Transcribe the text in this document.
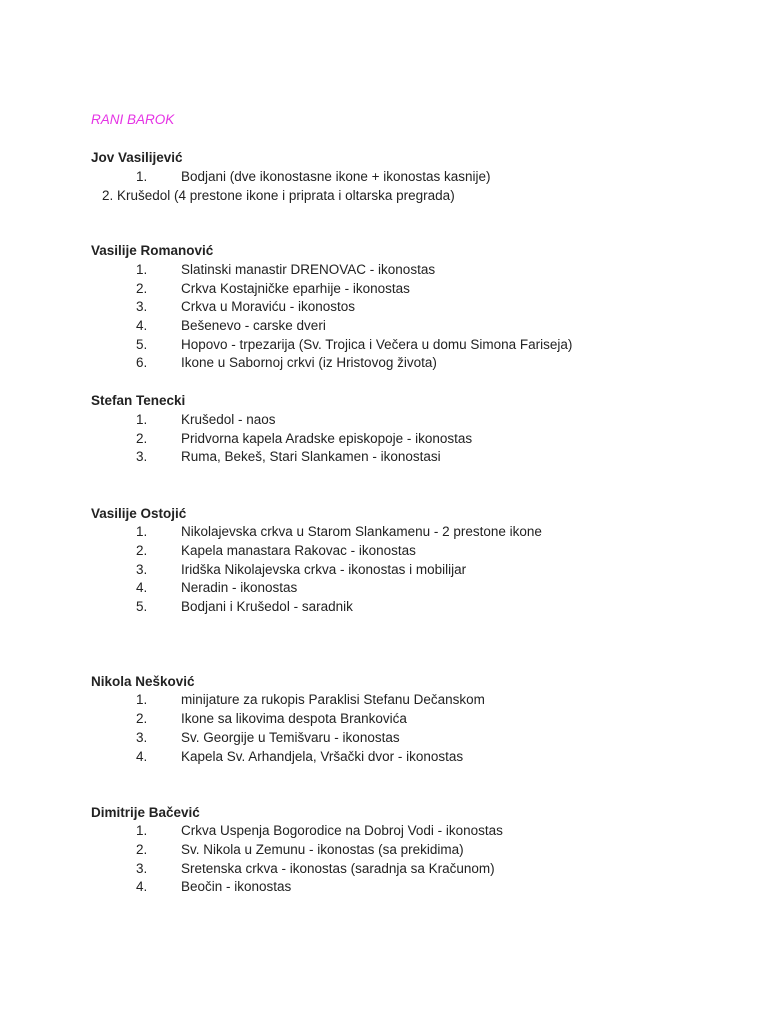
RANI BAROK
Jov Vasilijević
1. Bodjani (dve ikonostasne ikone + ikonostas kasnije)
2. Krušedol (4 prestone ikone i priprata i oltarska pregrada)
Vasilije Romanović
1. Slatinski manastir DRENOVAC - ikonostas
2. Crkva Kostajničke eparhije - ikonostas
3. Crkva u Moraviću - ikonostos
4. Bešenevo - carske dveri
5. Hopovo - trpezarija (Sv. Trojica i Večera u domu Simona Fariseja)
6. Ikone u Sabornoj crkvi (iz Hristovog života)
Stefan Tenecki
1. Krušedol - naos
2. Pridvorna kapela Aradske episkopoje - ikonostas
3. Ruma, Bekeš, Stari Slankamen - ikonostasi
Vasilije Ostojić
1. Nikolajevska crkva u Starom Slankamenu - 2 prestone ikone
2. Kapela manastara Rakovac - ikonostas
3. Iridška Nikolajevska crkva - ikonostas i mobilijar
4. Neradin - ikonostas
5. Bodjani i Krušedol - saradnik
Nikola Nešković
1. minijature za rukopis Paraklisi Stefanu Dečanskom
2. Ikone sa likovima despota Brankovića
3. Sv. Georgije u Temišvaru - ikonostas
4. Kapela Sv. Arhandjela, Vršački dvor - ikonostas
Dimitrije Bačević
1. Crkva Uspenja Bogorodice na Dobroj Vodi - ikonostas
2. Sv. Nikola u Zemunu - ikonostas (sa prekidima)
3. Sretenska crkva - ikonostas (saradnja sa Kračunom)
4. Beočin - ikonostas
